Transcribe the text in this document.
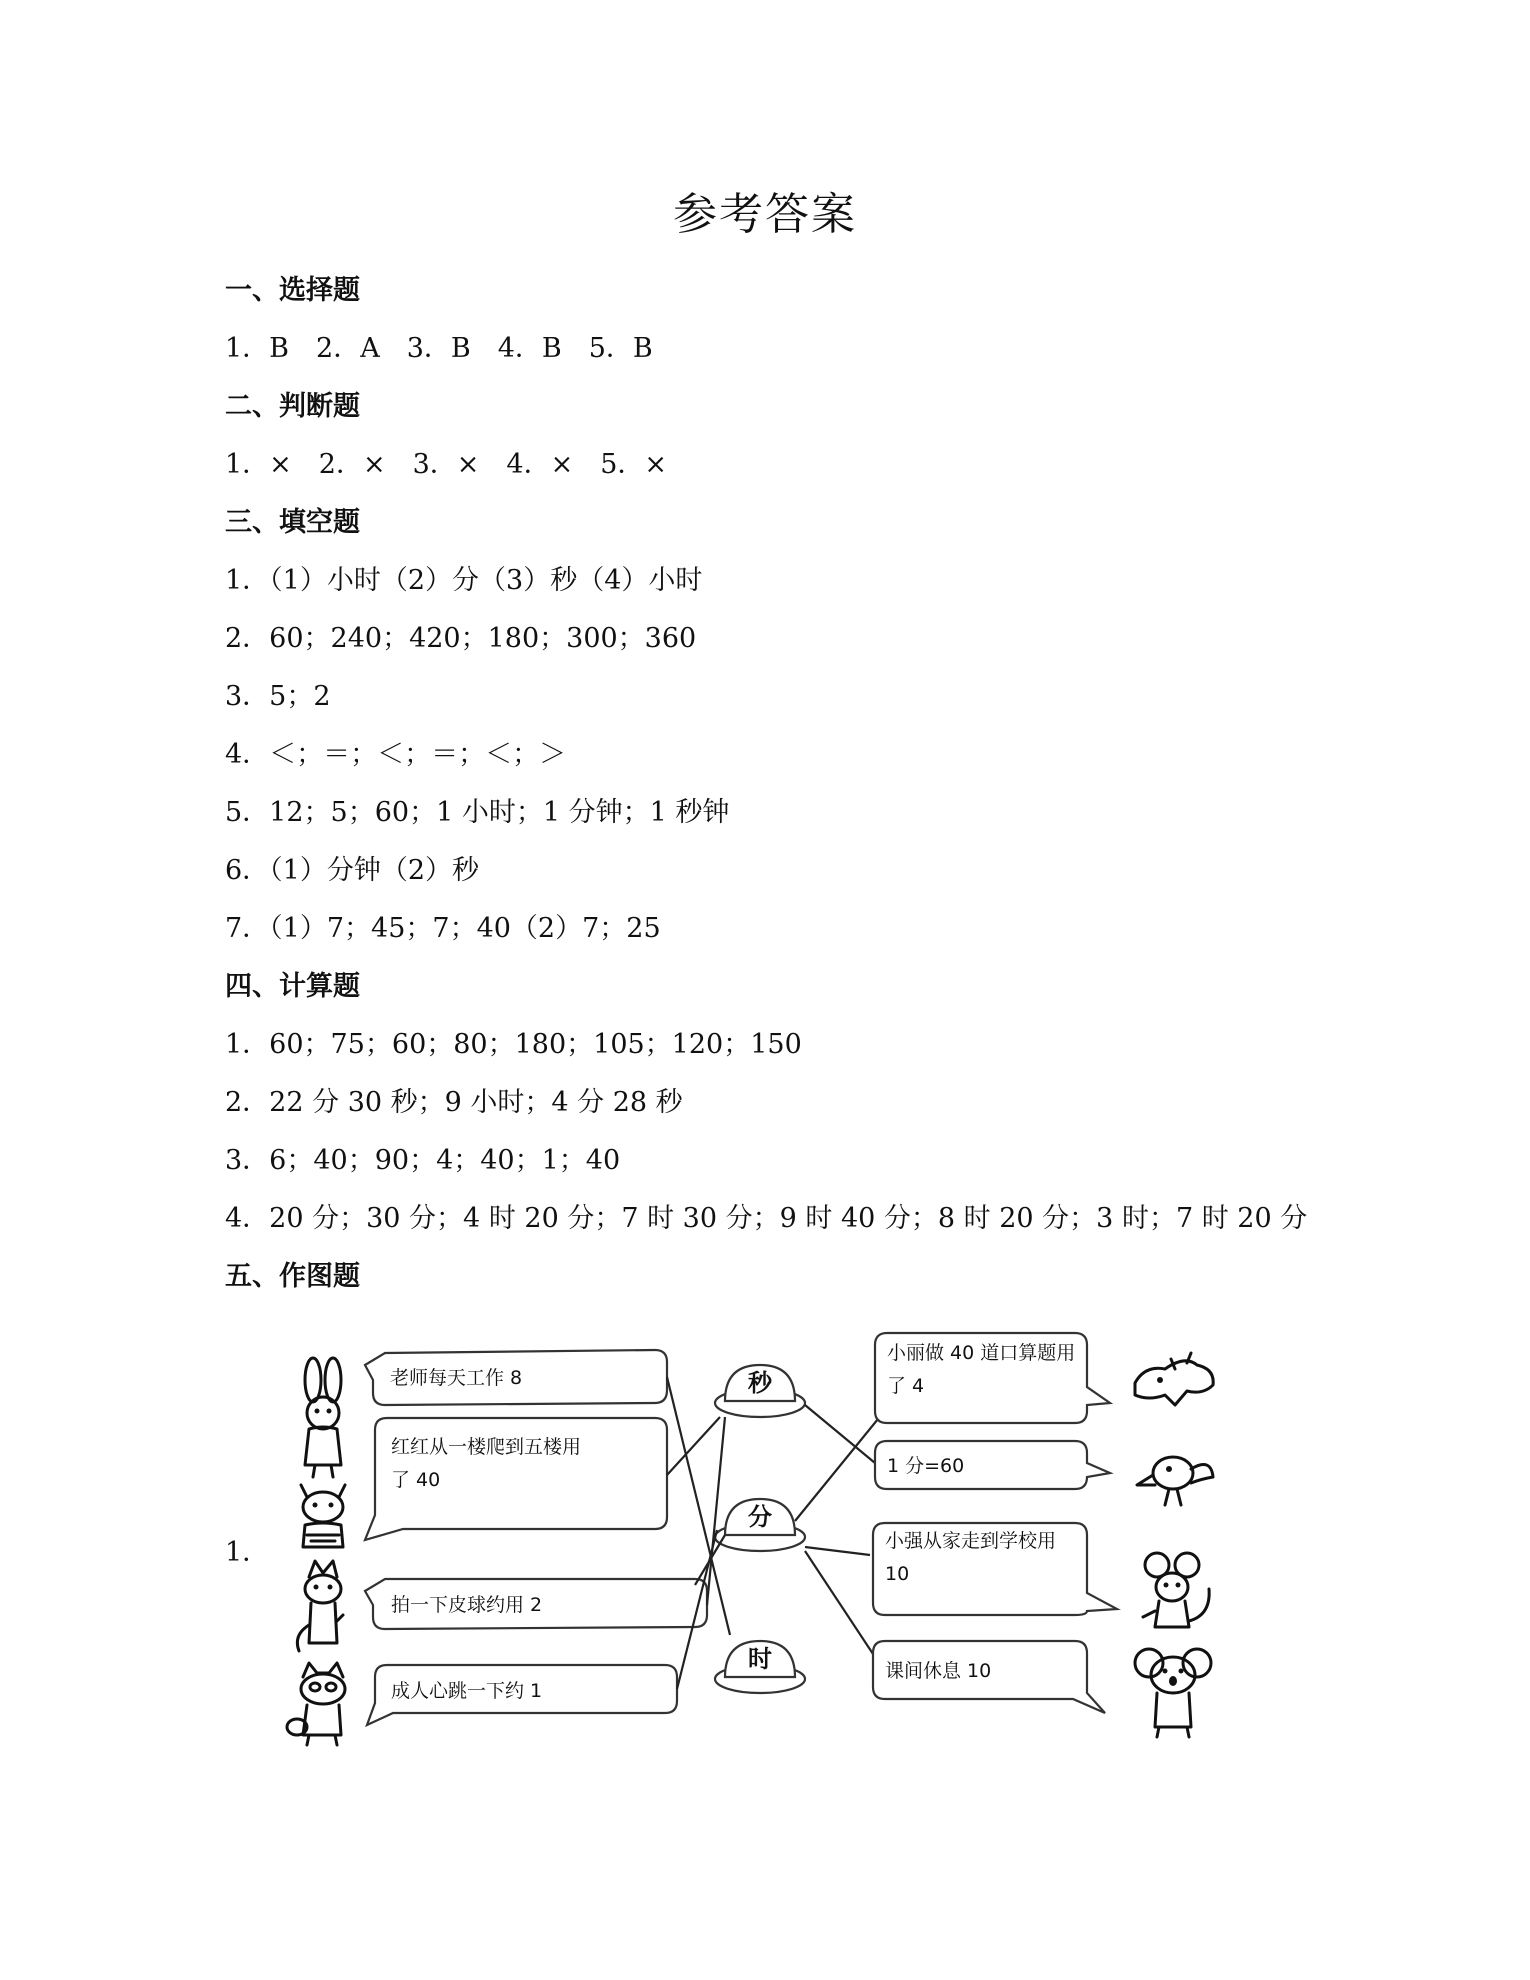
参考答案
一、选择题
1．B　2．A　3．B　4．B　5．B
二、判断题
1．×　2．×　3．×　4．×　5．×
三、填空题
1．（1）小时（2）分（3）秒（4）小时
2．60；240；420；180；300；360
3．5；2
4．＜；＝；＜；＝；＜；＞
5．12；5；60；1 小时；1 分钟；1 秒钟
6．（1）分钟（2）秒
7．（1）7；45；7；40（2）7；25
四、计算题
1．60；75；60；80；180；105；120；150
2．22 分 30 秒；9 小时；4 分 28 秒
3．6；40；90；4；40；1；40
4．20 分；30 分；4 时 20 分；7 时 30 分；9 时 40 分；8 时 20 分；3 时；7 时 20 分
五、作图题
1．
老师每天工作 8
红红从一楼爬到五楼用
了 40
拍一下皮球约用 2
成人心跳一下约 1
秒
分
时
小丽做 40 道口算题用
了 4
1 分=60
小强从家走到学校用
10
课间休息 10
